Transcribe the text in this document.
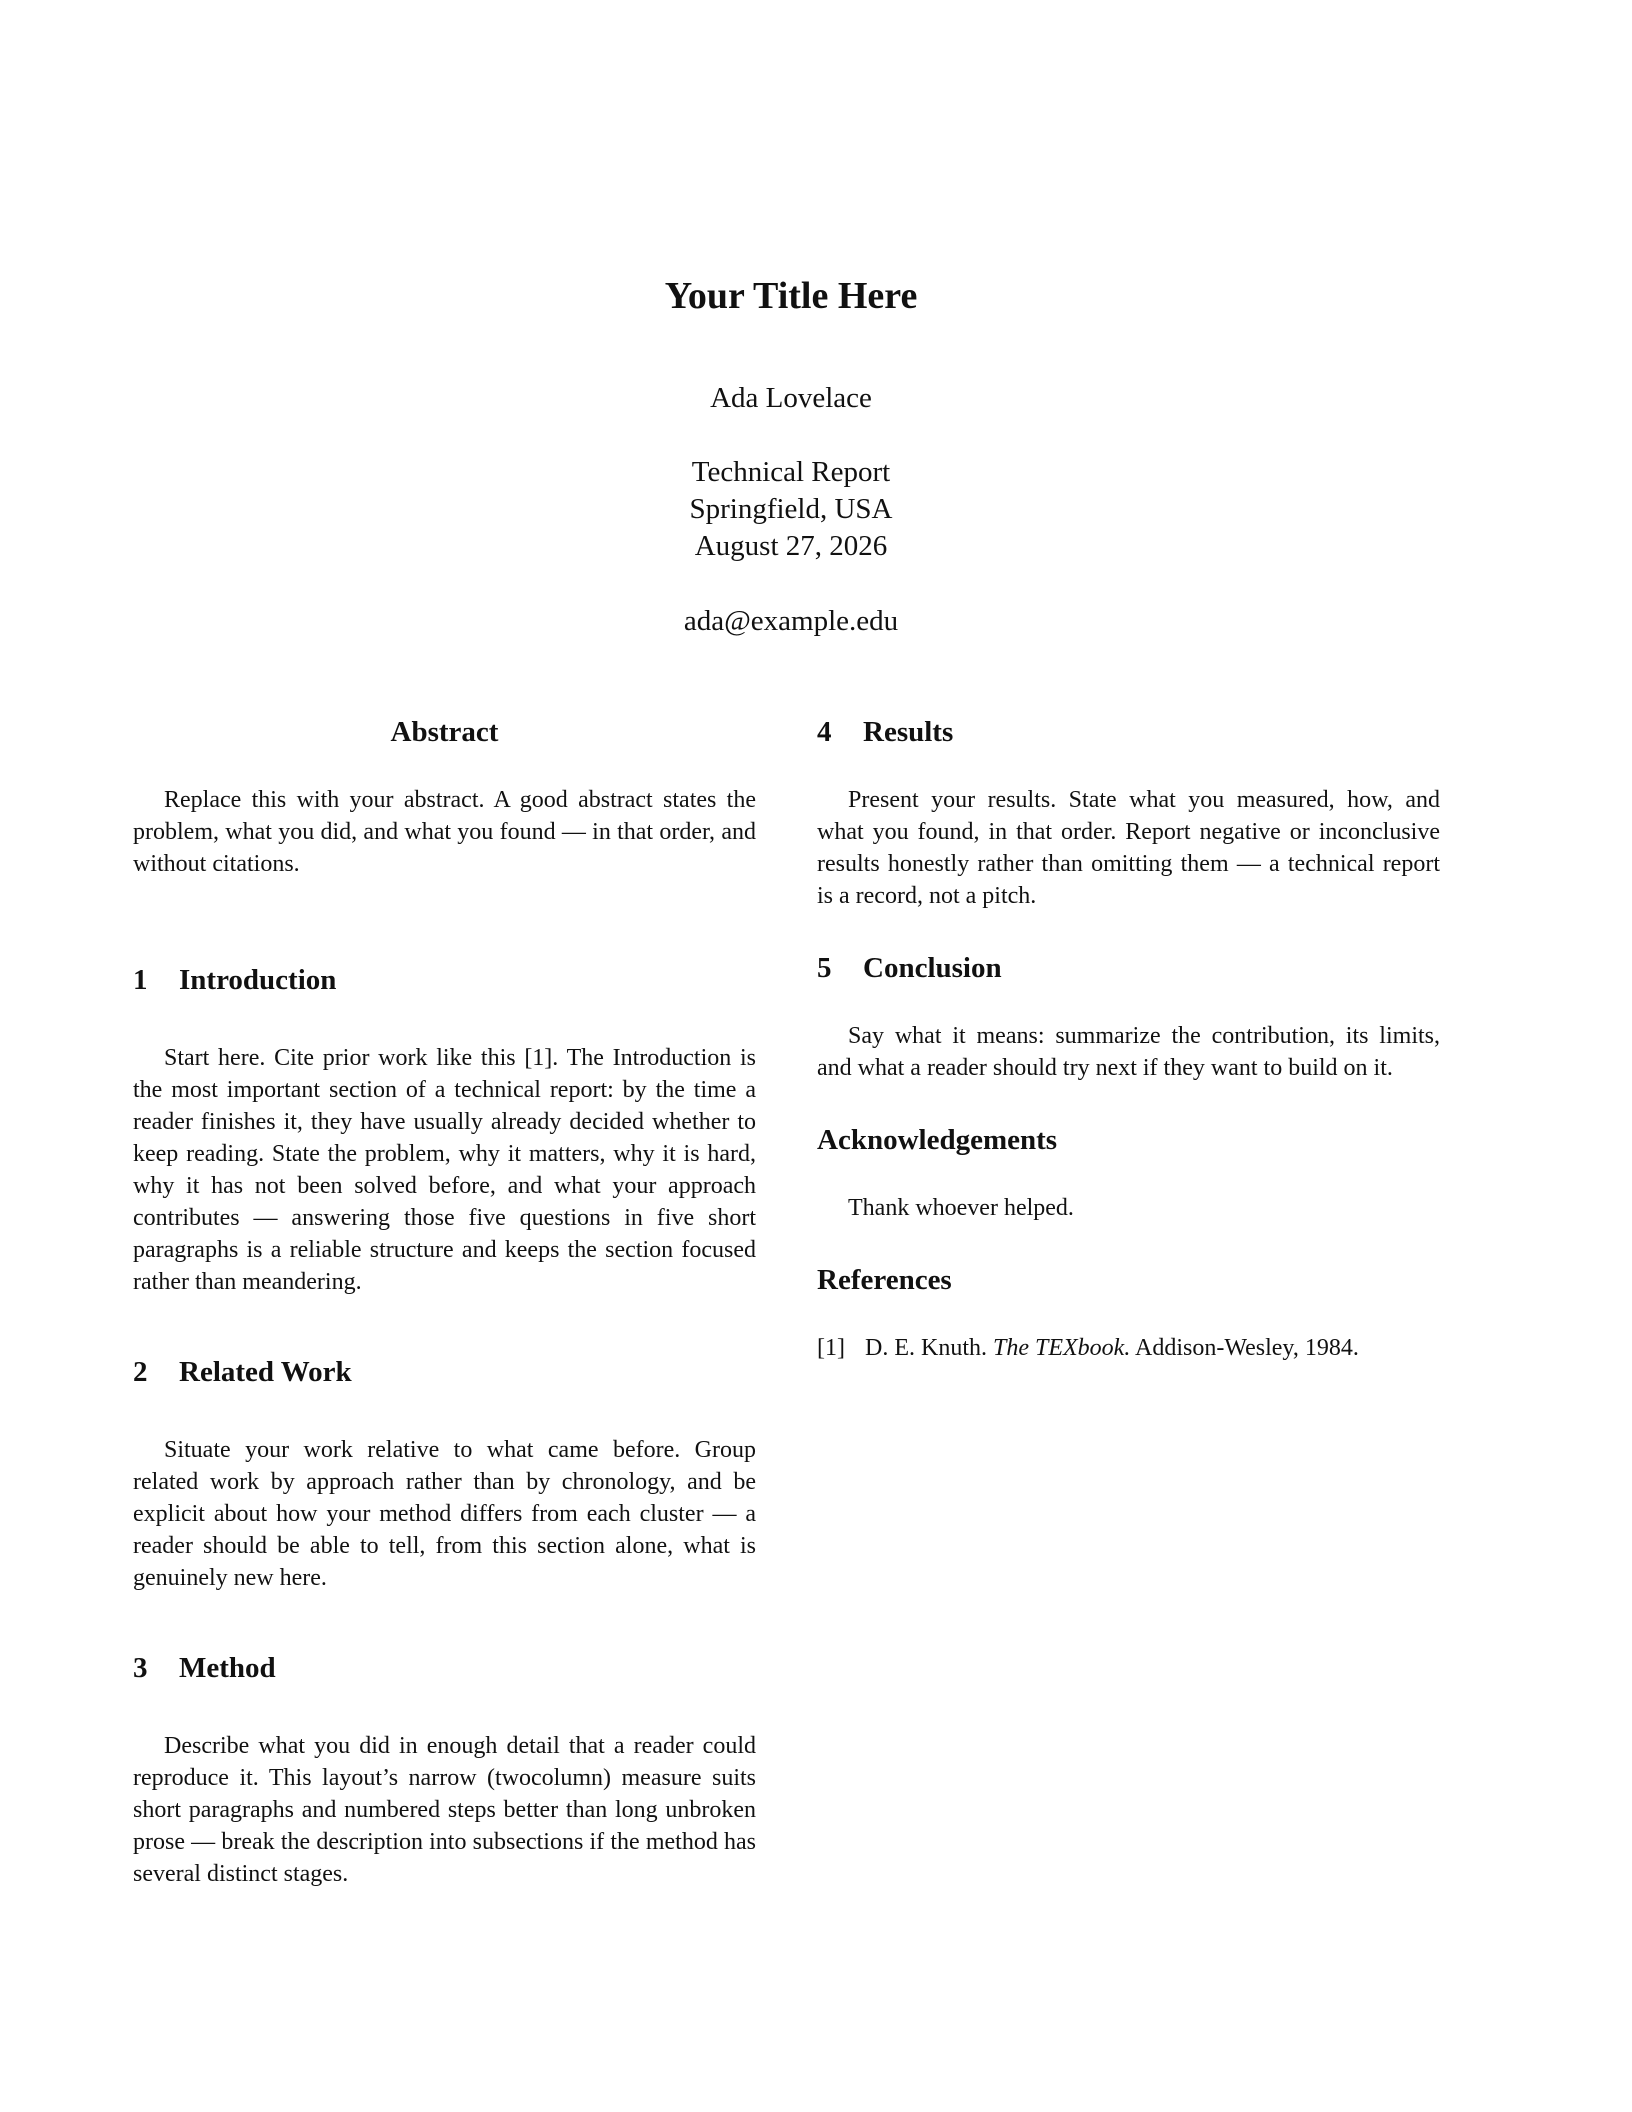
Your Title Here
Ada Lovelace
Technical Report
Springfield, USA
August 27, 2026
ada@example.edu
Abstract

Replace this with your abstract. A good abstract states the problem, what you did, and what you found — in that order, and without citations.

1 Introduction

Start here. Cite prior work like this [1]. The Introduction is the most important section of a technical report: by the time a reader finishes it, they have usually already decided whether to keep reading. State the problem, why it matters, why it is hard, why it has not been solved before, and what your approach contributes — answering those five questions in five short paragraphs is a reliable structure and keeps the section focused rather than meandering.

2 Related Work

Situate your work relative to what came before. Group related work by approach rather than by chronology, and be explicit about how your method differs from each cluster — a reader should be able to tell, from this section alone, what is genuinely new here.

3 Method

Describe what you did in enough detail that a reader could reproduce it. This layout’s narrow (twocolumn) measure suits short paragraphs and numbered steps better than long unbroken prose — break the description into subsections if the method has several distinct stages.

4 Results

Present your results. State what you measured, how, and what you found, in that order. Report negative or inconclusive results honestly rather than omitting them — a technical report is a record, not a pitch.

5 Conclusion

Say what it means: summarize the contribution, its limits, and what a reader should try next if they want to build on it.

Acknowledgements

Thank whoever helped.

References
[1] D. E. Knuth. The TEXbook. Addison-Wesley, 1984.
